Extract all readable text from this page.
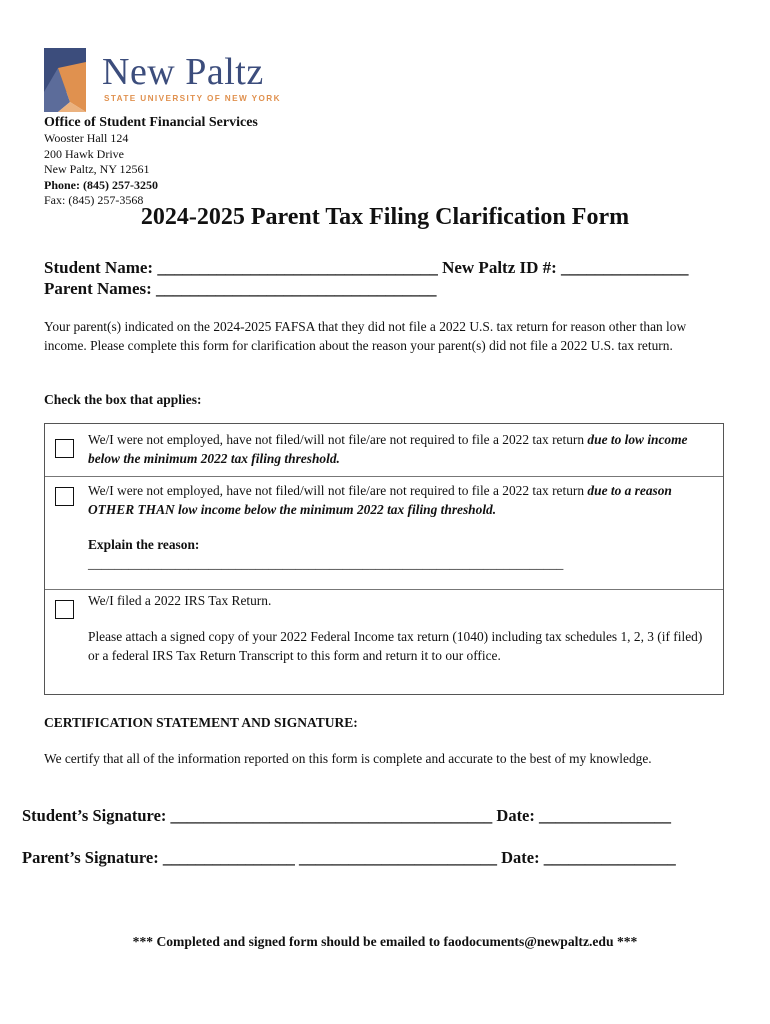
New Paltz
STATE UNIVERSITY OF NEW YORK
Office of Student Financial Services
Wooster Hall 124
200 Hawk Drive
New Paltz, NY 12561
Phone: (845) 257-3250
Fax: (845) 257-3568
2024-2025 Parent Tax Filing Clarification Form
Student Name: _________________________________ New Paltz ID #: _______________
Parent Names: _________________________________
Your parent(s) indicated on the 2024-2025 FAFSA that they did not file a 2022 U.S. tax return for reason other than low income. Please complete this form for clarification about the reason your parent(s) did not file a 2022 U.S. tax return.
Check the box that applies:
We/I were not employed, have not filed/will not file/are not required to file a 2022 tax return due to low income below the minimum 2022 tax filing threshold.
We/I were not employed, have not filed/will not file/are not required to file a 2022 tax return due to a reason OTHER THAN low income below the minimum 2022 tax filing threshold.
Explain the reason:
_______________________________________________________________________
We/I filed a 2022 IRS Tax Return.
Please attach a signed copy of your 2022 Federal Income tax return (1040) including tax schedules 1, 2, 3 (if filed) or a federal IRS Tax Return Transcript to this form and return it to our office.
CERTIFICATION STATEMENT AND SIGNATURE:
We certify that all of the information reported on this form is complete and accurate to the best of my knowledge.
Student’s Signature: _______________________________________ Date: ________________
Parent’s Signature: ________________ ________________________ Date: ________________
*** Completed and signed form should be emailed to faodocuments@newpaltz.edu ***
